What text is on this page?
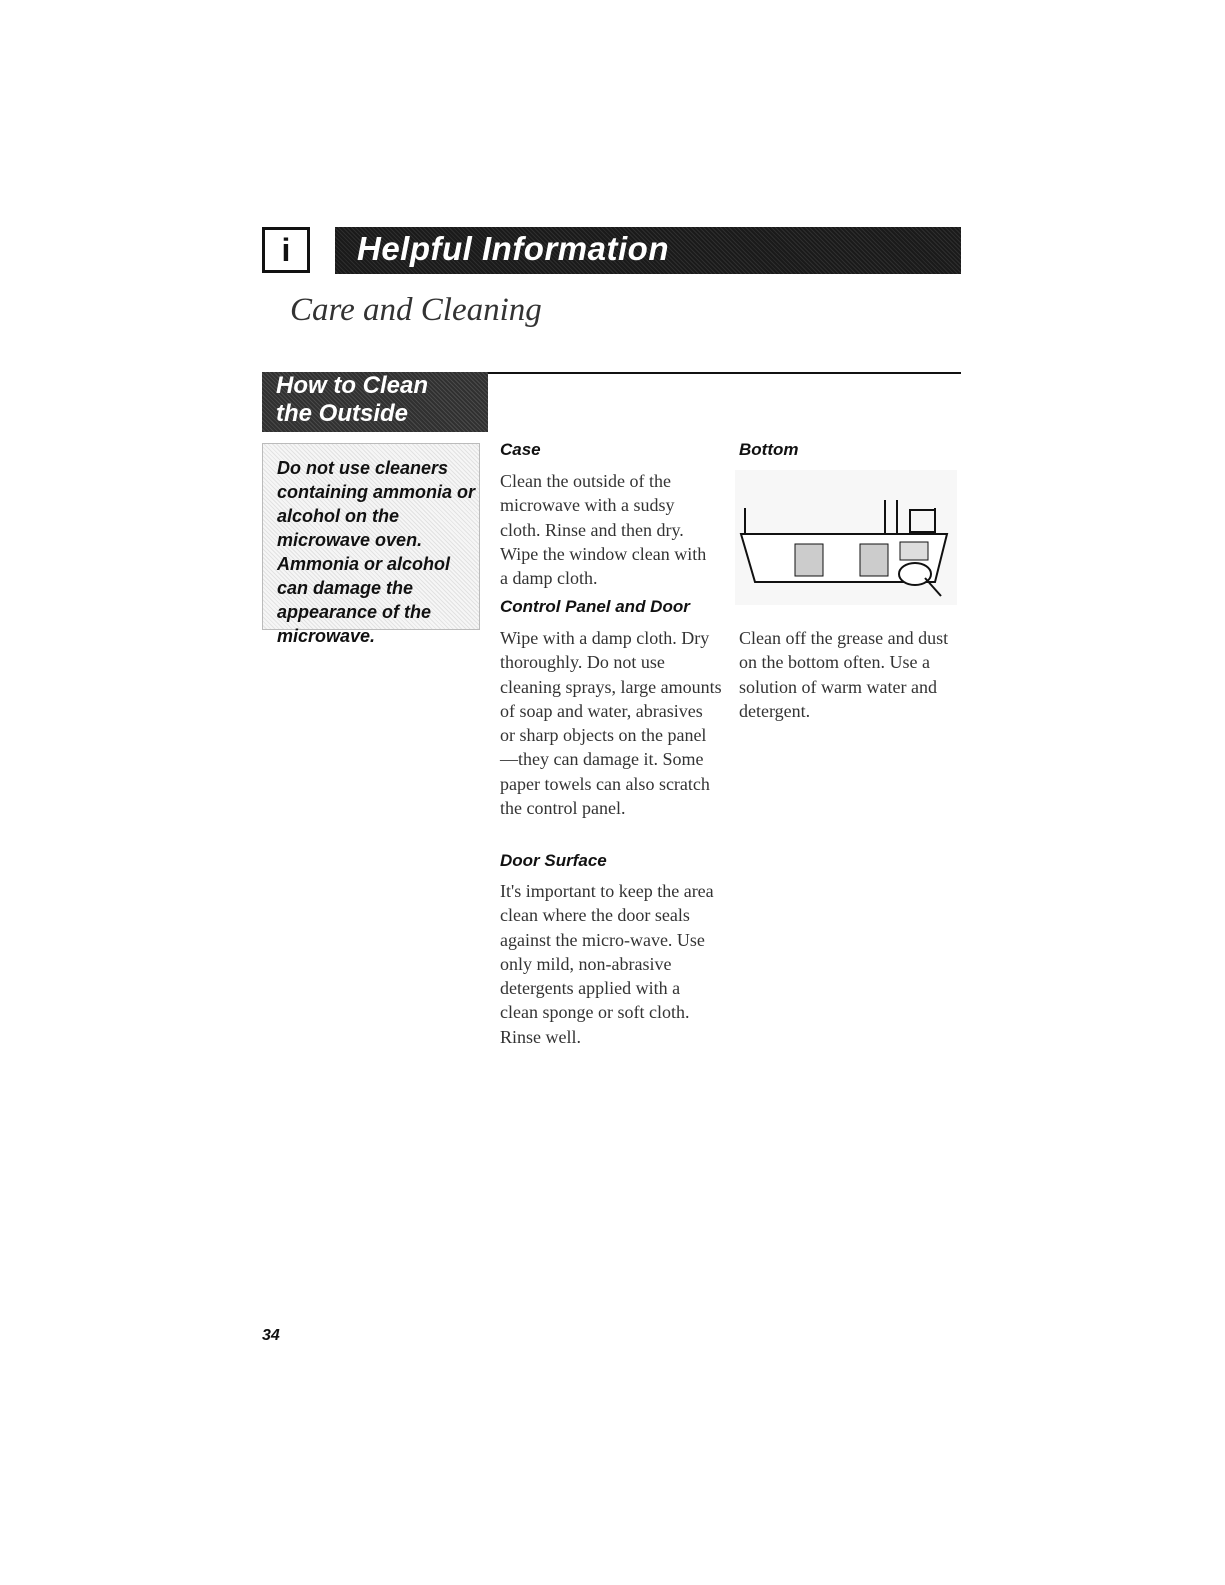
i Helpful Information
Care and Cleaning
How to Clean
the Outside
Do not use cleaners containing ammonia or alcohol on the microwave oven. Ammonia or alcohol can damage the appearance of the microwave.
Case
Clean the outside of the microwave with a sudsy cloth. Rinse and then dry. Wipe the window clean with a damp cloth.
Control Panel and Door
Wipe with a damp cloth. Dry thoroughly. Do not use cleaning sprays, large amounts of soap and water, abrasives or sharp objects on the panel—they can damage it. Some paper towels can also scratch the control panel.
Door Surface
It's important to keep the area clean where the door seals against the micro-wave. Use only mild, non-abrasive detergents applied with a clean sponge or soft cloth. Rinse well.
Bottom
Clean off the grease and dust on the bottom often. Use a solution of warm water and detergent.
34
